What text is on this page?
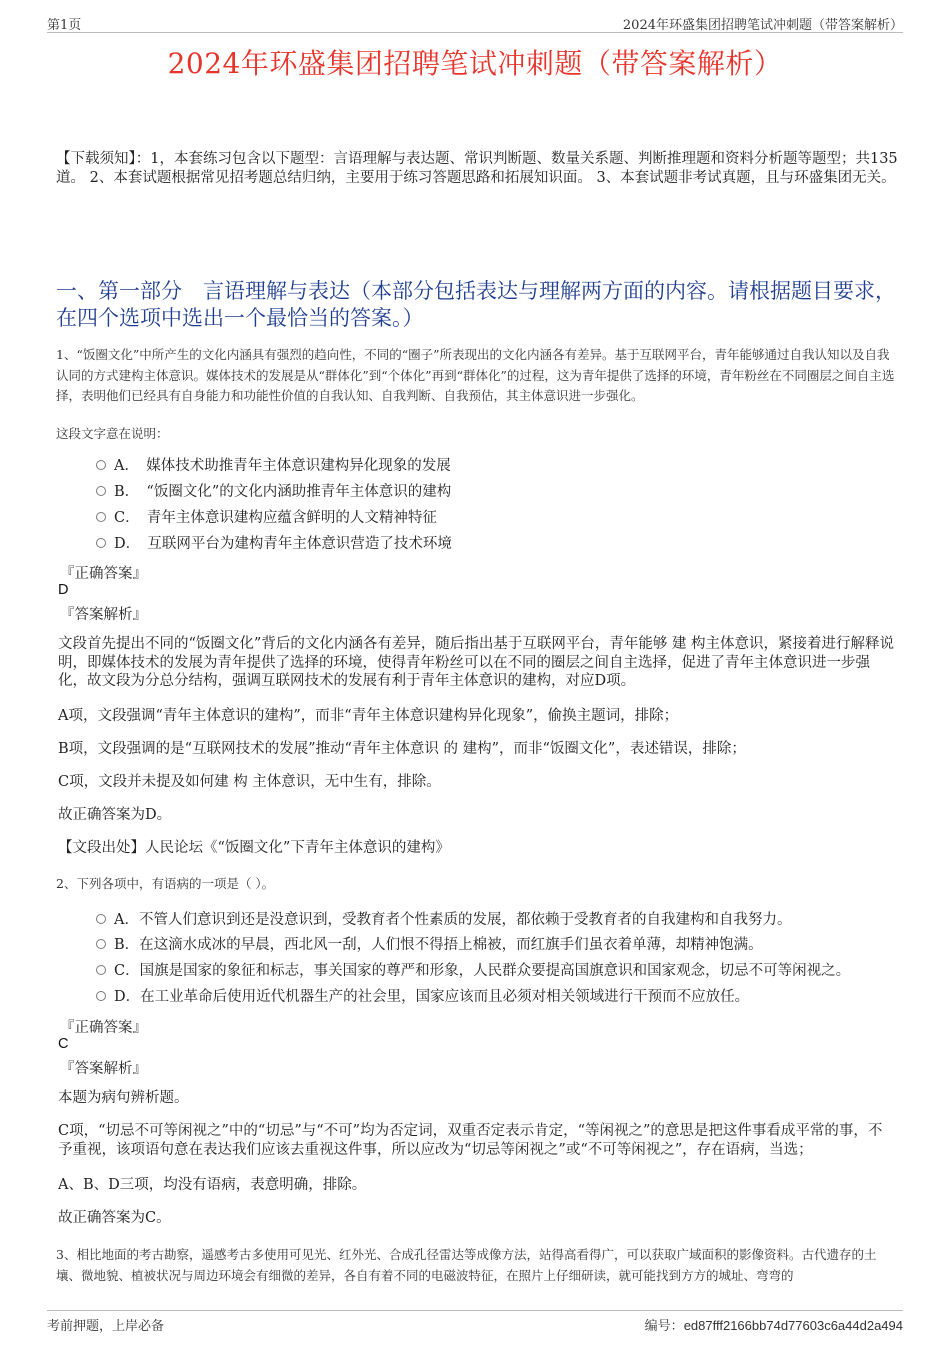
第1页	2024年环盛集团招聘笔试冲刺题（带答案解析）
2024年环盛集团招聘笔试冲刺题（带答案解析）
【下载须知】：1，本套练习包含以下题型：言语理解与表达题、常识判断题、数量关系题、判断推理题和资料分析题等题型；共135道。 2、本套试题根据常见招考题总结归纳，主要用于练习答题思路和拓展知识面。 3、本套试题非考试真题，且与环盛集团无关。
一、第一部分　言语理解与表达（本部分包括表达与理解两方面的内容。请根据题目要求，在四个选项中选出一个最恰当的答案。）
1、“饭圈文化”中所产生的文化内涵具有强烈的趋向性，不同的“圈子”所表现出的文化内涵各有差异。基于互联网平台，青年能够通过自我认知以及自我认同的方式建构主体意识。媒体技术的发展是从“群体化”到“个体化”再到“群体化”的过程，这为青年提供了选择的环境，青年粉丝在不同圈层之间自主选择，表明他们已经具有自身能力和功能性价值的自我认知、自我判断、自我预估，其主体意识进一步强化。
这段文字意在说明：
A．　媒体技术助推青年主体意识建构异化现象的发展
B．　“饭圈文化”的文化内涵助推青年主体意识的建构
C．　青年主体意识建构应蕴含鲜明的人文精神特征
D．　互联网平台为建构青年主体意识营造了技术环境
『正确答案』
D
『答案解析』
文段首先提出不同的“饭圈文化”背后的文化内涵各有差异，随后指出基于互联网平台，青年能够 建 构主体意识，紧接着进行解释说明，即媒体技术的发展为青年提供了选择的环境，使得青年粉丝可以在不同的圈层之间自主选择，促进了青年主体意识进一步强化，故文段为分总分结构，强调互联网技术的发展有利于青年主体意识的建构，对应D项。
A项，文段强调“青年主体意识的建构”，而非“青年主体意识建构异化现象”，偷换主题词，排除；
B项，文段强调的是“互联网技术的发展”推动“青年主体意识 的 建构”，而非“饭圈文化”，表述错误，排除；
C项，文段并未提及如何建 构 主体意识，无中生有，排除。
故正确答案为D。
【文段出处】人民论坛《“饭圈文化”下青年主体意识的建构》
2、下列各项中，有语病的一项是（ ）。
A．不管人们意识到还是没意识到，受教育者个性素质的发展，都依赖于受教育者的自我建构和自我努力。
B．在这滴水成冰的早晨，西北风一刮，人们恨不得捂上棉被，而红旗手们虽衣着单薄，却精神饱满。
C．国旗是国家的象征和标志，事关国家的尊严和形象，人民群众要提高国旗意识和国家观念，切忌不可等闲视之。
D．在工业革命后使用近代机器生产的社会里，国家应该而且必须对相关领域进行干预而不应放任。
『正确答案』
C
『答案解析』
本题为病句辨析题。
C项，“切忌不可等闲视之”中的“切忌”与“不可”均为否定词，双重否定表示肯定，“等闲视之”的意思是把这件事看成平常的事，不予重视，该项语句意在表达我们应该去重视这件事，所以应改为“切忌等闲视之”或“不可等闲视之”，存在语病，当选；
A、B、D三项，均没有语病，表意明确，排除。
故正确答案为C。
3、相比地面的考古勘察，遥感考古多使用可见光、红外光、合成孔径雷达等成像方法，站得高看得广，可以获取广域面积的影像资料。古代遗存的土壤、微地貌、植被状况与周边环境会有细微的差异，各自有着不同的电磁波特征，在照片上仔细研读，就可能找到方方的城址、弯弯的
考前押题，上岸必备	编号：ed87fff2166bb74d77603c6a44d2a494
